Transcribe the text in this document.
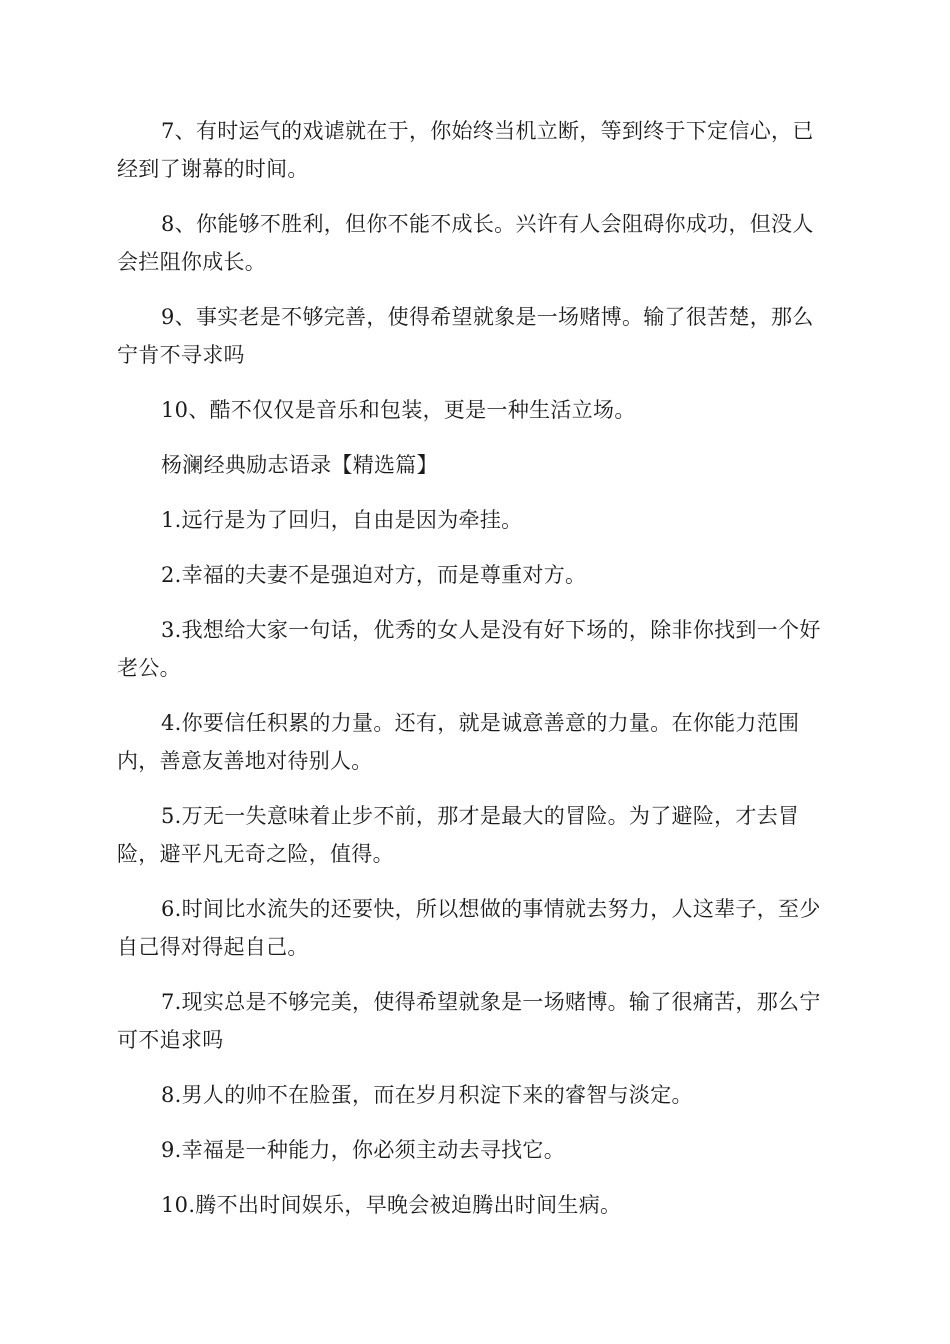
7、有时运气的戏谑就在于，你始终当机立断，等到终于下定信心，已经到了谢幕的时间。

8、你能够不胜利，但你不能不成长。兴许有人会阻碍你成功，但没人会拦阻你成长。

9、事实老是不够完善，使得希望就象是一场赌博。输了很苦楚，那么宁肯不寻求吗

10、酷不仅仅是音乐和包装，更是一种生活立场。

杨澜经典励志语录【精选篇】

1.远行是为了回归，自由是因为牵挂。

2.幸福的夫妻不是强迫对方，而是尊重对方。

3.我想给大家一句话，优秀的女人是没有好下场的，除非你找到一个好老公。

4.你要信任积累的力量。还有，就是诚意善意的力量。在你能力范围内，善意友善地对待别人。

5.万无一失意味着止步不前，那才是最大的冒险。为了避险，才去冒险，避平凡无奇之险，值得。

6.时间比水流失的还要快，所以想做的事情就去努力，人这辈子，至少自己得对得起自己。

7.现实总是不够完美，使得希望就象是一场赌博。输了很痛苦，那么宁可不追求吗

8.男人的帅不在脸蛋，而在岁月积淀下来的睿智与淡定。

9.幸福是一种能力，你必须主动去寻找它。

10.腾不出时间娱乐，早晚会被迫腾出时间生病。
